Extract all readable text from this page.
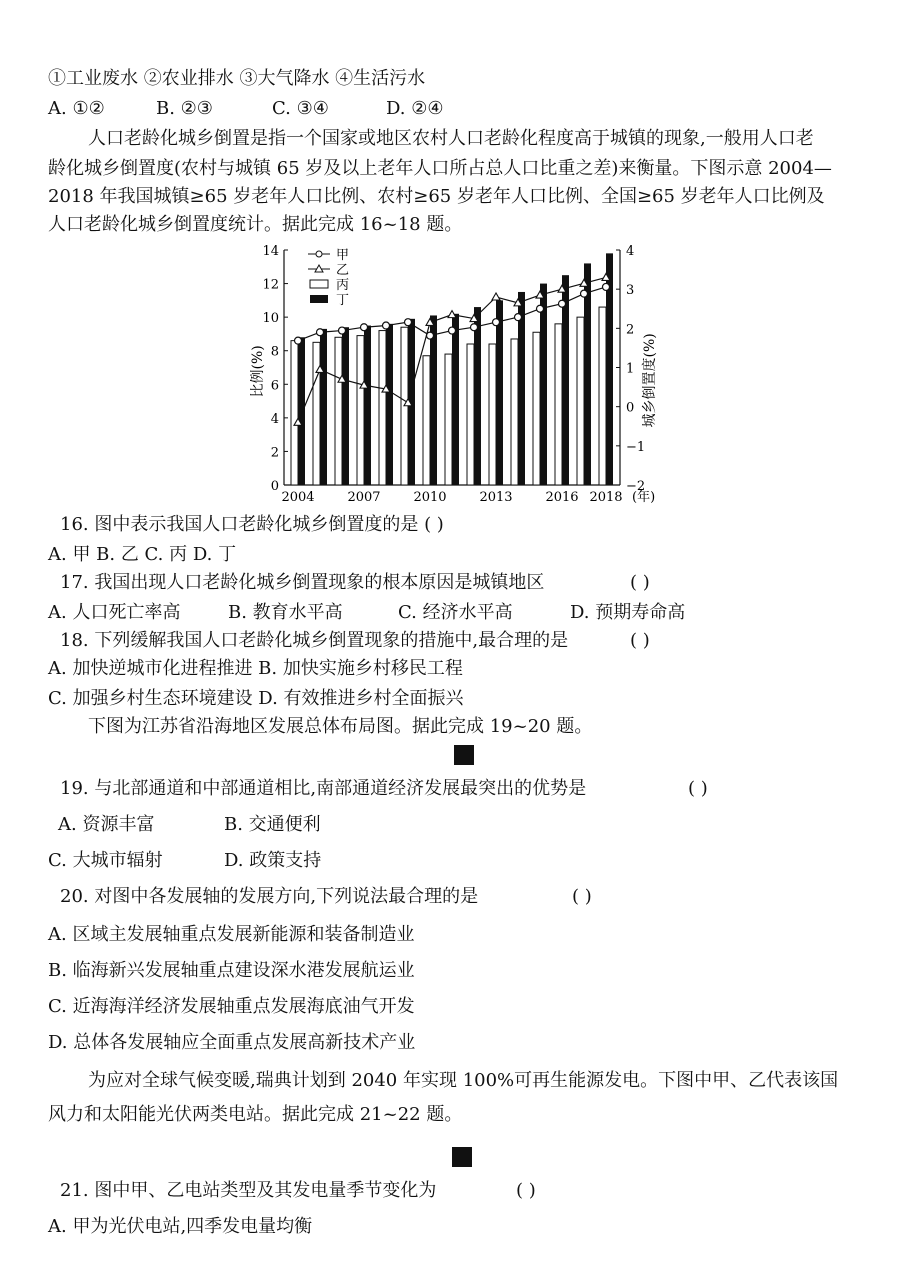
①工业废水 ②农业排水 ③大气降水 ④生活污水
A. ①②	B. ②③	C. ③④	D. ②④
人口老龄化城乡倒置是指一个国家或地区农村人口老龄化程度高于城镇的现象,一般用人口老
龄化城乡倒置度(农村与城镇 65 岁及以上老年人口所占总人口比重之差)来衡量。下图示意 2004—
2018 年我国城镇≥65 岁老年人口比例、农村≥65 岁老年人口比例、全国≥65 岁老年人口比例及
人口老龄化城乡倒置度统计。据此完成 16~18 题。
0
2
4
6
8
10
12
14
−2
−1
0
1
2
3
4
2004	2007	2010	2013	2016 2018 (年)
比例(%)	城乡倒置度(%)
甲
乙
丙
丁
16. 图中表示我国人口老龄化城乡倒置度的是 ( )
A. 甲 B. 乙 C. 丙 D. 丁
17. 我国出现人口老龄化城乡倒置现象的根本原因是城镇地区	( )
A. 人口死亡率高	B. 教育水平高	C. 经济水平高	D. 预期寿命高
18. 下列缓解我国人口老龄化城乡倒置现象的措施中,最合理的是	( )
A. 加快逆城市化进程推进 B. 加快实施乡村移民工程
C. 加强乡村生态环境建设 D. 有效推进乡村全面振兴
下图为江苏省沿海地区发展总体布局图。据此完成 19~20 题。
19. 与北部通道和中部通道相比,南部通道经济发展最突出的优势是	( )
A. 资源丰富	B. 交通便利
C. 大城市辐射	D. 政策支持
20. 对图中各发展轴的发展方向,下列说法最合理的是	( )
A. 区域主发展轴重点发展新能源和装备制造业
B. 临海新兴发展轴重点建设深水港发展航运业
C. 近海海洋经济发展轴重点发展海底油气开发
D. 总体各发展轴应全面重点发展高新技术产业
为应对全球气候变暖,瑞典计划到 2040 年实现 100%可再生能源发电。下图中甲、乙代表该国
风力和太阳能光伏两类电站。据此完成 21~22 题。
21. 图中甲、乙电站类型及其发电量季节变化为	( )
A. 甲为光伏电站,四季发电量均衡
